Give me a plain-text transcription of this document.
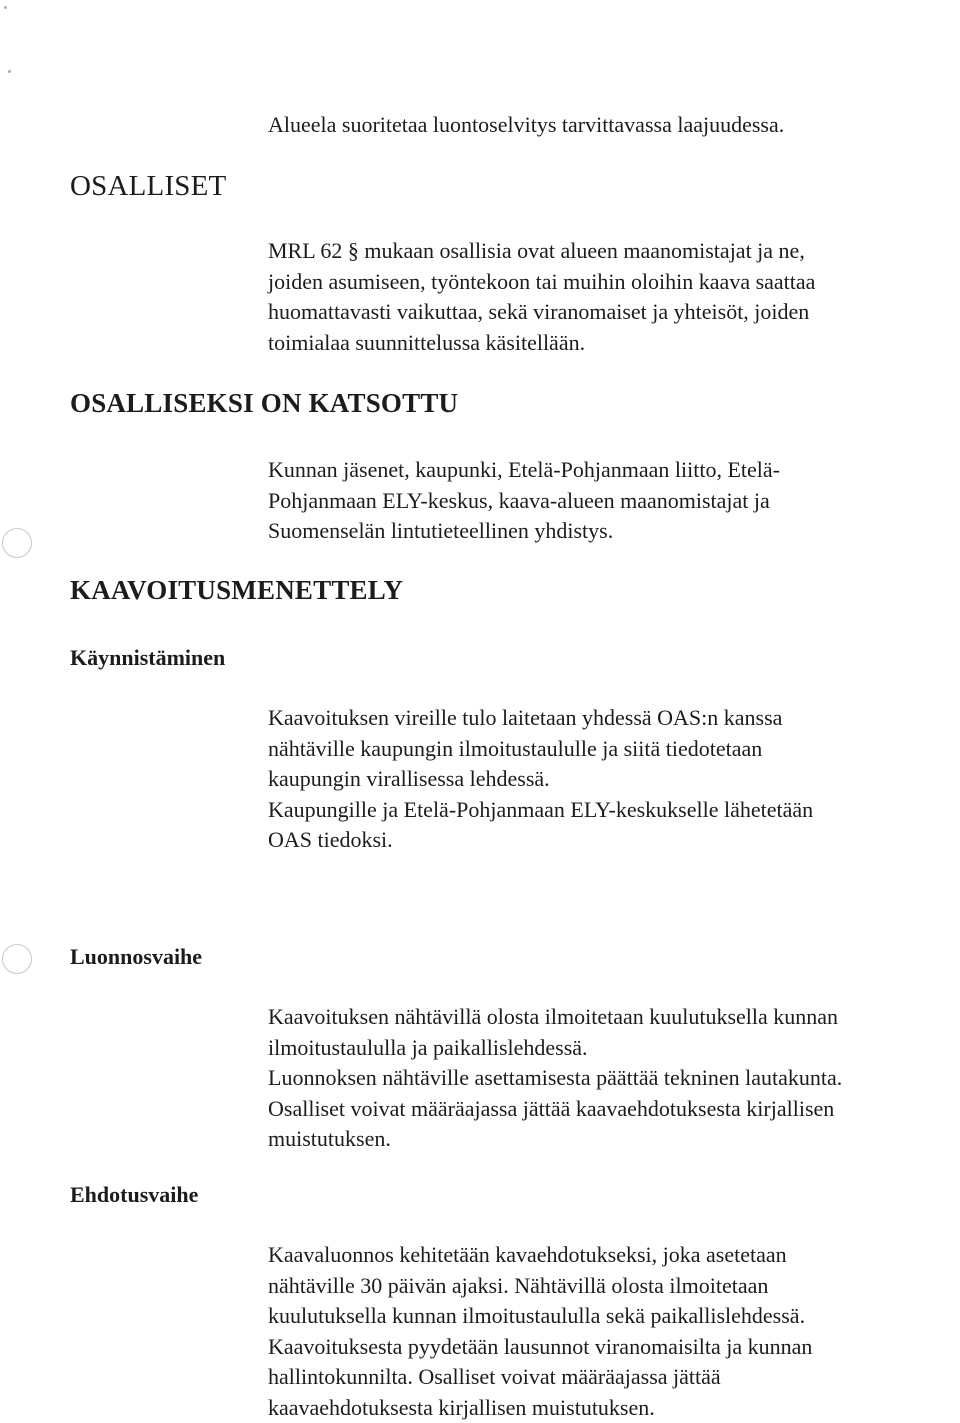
Alueela suoritetaa luontoselvitys tarvittavassa laajuudessa.
OSALLISET
MRL 62 § mukaan osallisia ovat alueen maanomistajat ja ne,
joiden asumiseen, työntekoon tai muihin oloihin kaava saattaa
huomattavasti vaikuttaa, sekä viranomaiset ja yhteisöt, joiden
toimialaa suunnittelussa käsitellään.
OSALLISEKSI ON KATSOTTU
Kunnan jäsenet, kaupunki, Etelä-Pohjanmaan liitto, Etelä-
Pohjanmaan ELY-keskus, kaava-alueen maanomistajat ja
Suomenselän lintutieteellinen yhdistys.
KAAVOITUSMENETTELY
Käynnistäminen
Kaavoituksen vireille tulo laitetaan yhdessä OAS:n kanssa
nähtäville kaupungin ilmoitustaululle ja siitä tiedotetaan
kaupungin virallisessa lehdessä.
Kaupungille ja Etelä-Pohjanmaan ELY-keskukselle lähetetään
OAS tiedoksi.
Luonnosvaihe
Kaavoituksen nähtävillä olosta ilmoitetaan kuulutuksella kunnan
ilmoitustaululla ja paikallislehdessä.
Luonnoksen nähtäville asettamisesta päättää tekninen lautakunta.
Osalliset voivat määräajassa jättää kaavaehdotuksesta kirjallisen
muistutuksen.
Ehdotusvaihe
Kaavaluonnos kehitetään kavaehdotukseksi, joka asetetaan
nähtäville 30 päivän ajaksi. Nähtävillä olosta ilmoitetaan
kuulutuksella kunnan ilmoitustaululla sekä paikallislehdessä.
Kaavoituksesta pyydetään lausunnot viranomaisilta ja kunnan
hallintokunnilta. Osalliset voivat määräajassa jättää
kaavaehdotuksesta kirjallisen muistutuksen.
